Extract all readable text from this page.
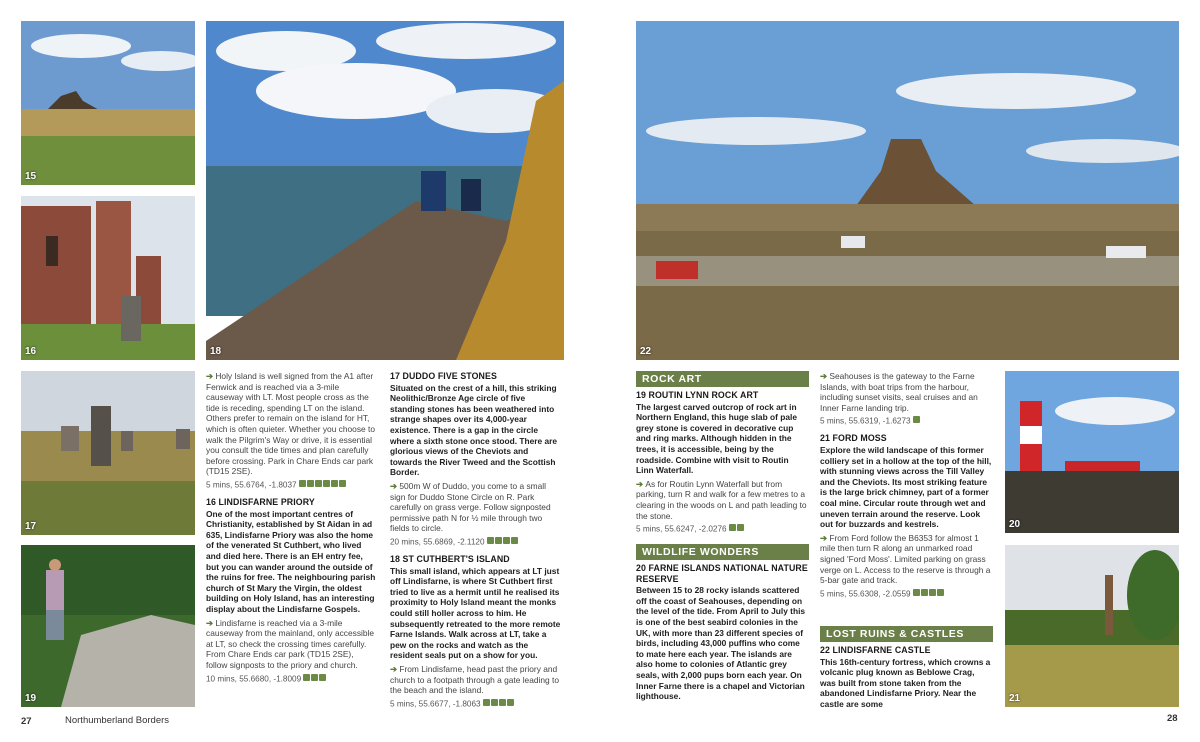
15
16
17
18
19

➔ Holy Island is well signed from the A1 after Fenwick and is reached via a 3-mile causeway with LT. Most people cross as the tide is receding, spending LT on the island. Others prefer to remain on the island for HT, which is often quieter. Whether you choose to walk the Pilgrim's Way or drive, it is essential you consult the tide times and plan carefully before crossing. Park in Chare Ends car park (TD15 2SE).

5 mins, 55.6764, -1.8037

16 LINDISFARNE PRIORY

One of the most important centres of Christianity, established by St Aidan in ad 635, Lindisfarne Priory was also the home of the venerated St Cuthbert, who lived and died here. There is an EH entry fee, but you can wander around the outside of the ruins for free. The neighbouring parish church of St Mary the Virgin, the oldest building on Holy Island, has an interesting display about the Lindisfarne Gospels.

➔ Lindisfarne is reached via a 3-mile causeway from the mainland, only accessible at LT, so check the crossing times carefully. From Chare Ends car park (TD15 2SE), follow signposts to the priory and church.

10 mins, 55.6680, -1.8009

17 DUDDO FIVE STONES

Situated on the crest of a hill, this striking Neolithic/Bronze Age circle of five standing stones has been weathered into strange shapes over its 4,000-year existence. There is a gap in the circle where a sixth stone once stood. There are glorious views of the Cheviots and towards the River Tweed and the Scottish Border.

➔ 500m W of Duddo, you come to a small sign for Duddo Stone Circle on R. Park carefully on grass verge. Follow signposted permissive path N for ½ mile through two fields to circle.

20 mins, 55.6869, -2.1120

18 ST CUTHBERT'S ISLAND

This small island, which appears at LT just off Lindisfarne, is where St Cuthbert first tried to live as a hermit until he realised its proximity to Holy Island meant the monks could still holler across to him. He subsequently retreated to the more remote Farne Islands. Walk across at LT, take a pew on the rocks and watch as the resident seals put on a show for you.

➔ From Lindisfarne, head past the priory and church to a footpath through a gate leading to the beach and the island.

5 mins, 55.6677, -1.8063

27	Northumberland Borders
22
20
21
ROCK ART
19 ROUTIN LYNN ROCK ART

The largest carved outcrop of rock art in Northern England, this huge slab of pale grey stone is covered in decorative cup and ring marks. Although hidden in the trees, it is accessible, being by the roadside. Combine with visit to Routin Linn Waterfall.

➔ As for Routin Lynn Waterfall but from parking, turn R and walk for a few metres to a clearing in the woods on L and path leading to the stone.

5 mins, 55.6247, -2.0276

WILDLIFE WONDERS
20 FARNE ISLANDS NATIONAL NATURE RESERVE

Between 15 to 28 rocky islands scattered off the coast of Seahouses, depending on the level of the tide. From April to July this is one of the best seabird colonies in the UK, with more than 23 different species of birds, including 43,000 puffins who come to mate here each year. The islands are also home to colonies of Atlantic grey seals, with 2,000 pups born each year. On Inner Farne there is a chapel and Victorian lighthouse.

➔ Seahouses is the gateway to the Farne Islands, with boat trips from the harbour, including sunset visits, seal cruises and an Inner Farne landing trip.

5 mins, 55.6319, -1.6273

21 FORD MOSS

Explore the wild landscape of this former colliery set in a hollow at the top of the hill, with stunning views across the Till Valley and the Cheviots. Its most striking feature is the large brick chimney, part of a former coal mine. Circular route through wet and uneven terrain around the reserve. Look out for buzzards and kestrels.

➔ From Ford follow the B6353 for almost 1 mile then turn R along an unmarked road signed 'Ford Moss'. Limited parking on grass verge on L. Access to the reserve is through a 5-bar gate and track.

5 mins, 55.6308, -2.0559

LOST RUINS & CASTLES
22 LINDISFARNE CASTLE

This 16th-century fortress, which crowns a volcanic plug known as Beblowe Crag, was built from stone taken from the abandoned Lindisfarne Priory. Near the castle are some

28
